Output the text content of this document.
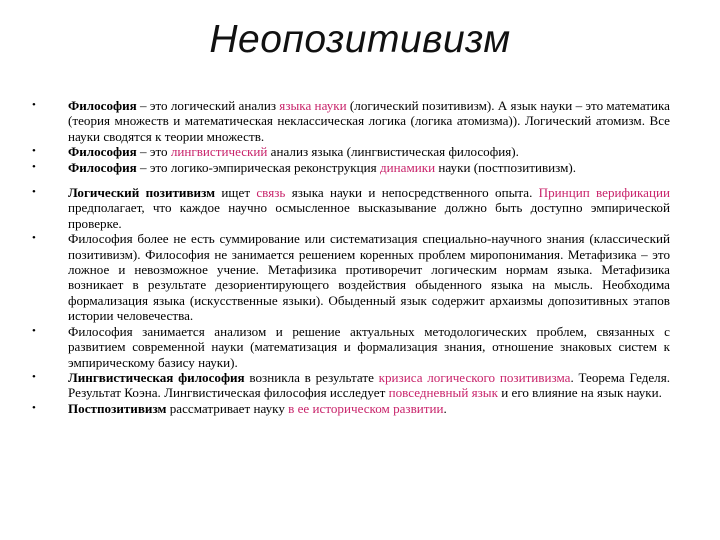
Неопозитивизм
•	Философия – это логический анализ языка науки (логический позитивизм). А язык науки – это математика (теория множеств и математическая неклассическая логика (логика атомизма)). Логический атомизм. Все науки сводятся к теории множеств.
•	Философия – это лингвистический анализ языка (лингвистическая философия).
•	Философия – это логико-эмпирическая реконструкция динамики науки (постпозитивизм).
•	Логический позитивизм ищет связь языка науки и непосредственного опыта. Принцип верификации предполагает, что каждое научно осмысленное высказывание должно быть доступно эмпирической проверке.
•	Философия более не есть суммирование или систематизация специально-научного знания (классический позитивизм). Философия не занимается решением коренных проблем миропонимания. Метафизика – это ложное и невозможное учение. Метафизика противоречит логическим нормам языка. Метафизика возникает в результате дезориентирующего воздействия обыденного языка на мысль. Необходима формализация языка (искусственные языки). Обыденный язык содержит архаизмы допозитивных этапов истории человечества.
•	Философия занимается анализом и решение актуальных методологических проблем, связанных с развитием современной науки (математизация и формализация знания, отношение знаковых систем к эмпирическому базису науки).
•	Лингвистическая философия возникла в результате кризиса логического позитивизма. Теорема Геделя. Результат Коэна. Лингвистическая философия исследует повседневный язык и его влияние на язык науки.
•	Постпозитивизм рассматривает науку в ее историческом развитии.
